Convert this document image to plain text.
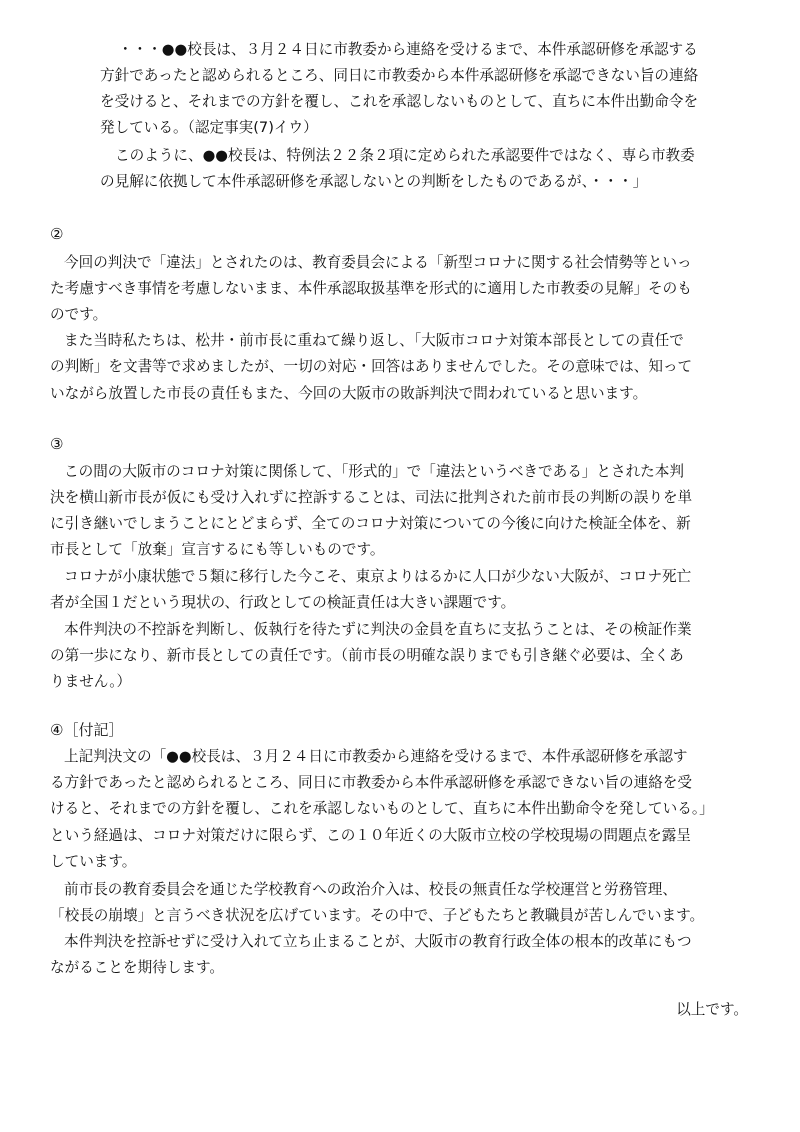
・・・●●校長は、３月２４日に市教委から連絡を受けるまで、本件承認研修を承認する

方針であったと認められるところ、同日に市教委から本件承認研修を承認できない旨の連絡

を受けると、それまでの方針を覆し、これを承認しないものとして、直ちに本件出勤命令を

発している。（認定事実(7)イウ）

このように、●●校長は、特例法２２条２項に定められた承認要件ではなく、専ら市教委

の見解に依拠して本件承認研修を承認しないとの判断をしたものであるが、・・・」

②

今回の判決で「違法」とされたのは、教育委員会による「新型コロナに関する社会情勢等といっ

た考慮すべき事情を考慮しないまま、本件承認取扱基準を形式的に適用した市教委の見解」そのも

のです。

また当時私たちは、松井・前市長に重ねて繰り返し、「大阪市コロナ対策本部長としての責任で

の判断」を文書等で求めましたが、一切の対応・回答はありませんでした。その意味では、知って

いながら放置した市長の責任もまた、今回の大阪市の敗訴判決で問われていると思います。

③

この間の大阪市のコロナ対策に関係して、「形式的」で「違法というべきである」とされた本判

決を横山新市長が仮にも受け入れずに控訴することは、司法に批判された前市長の判断の誤りを単

に引き継いでしまうことにとどまらず、全てのコロナ対策についての今後に向けた検証全体を、新

市長として「放棄」宣言するにも等しいものです。

コロナが小康状態で５類に移行した今こそ、東京よりはるかに人口が少ない大阪が、コロナ死亡

者が全国１だという現状の、行政としての検証責任は大きい課題です。

本件判決の不控訴を判断し、仮執行を待たずに判決の金員を直ちに支払うことは、その検証作業

の第一歩になり、新市長としての責任です。（前市長の明確な誤りまでも引き継ぐ必要は、全くあ

りません。）

④［付記］

上記判決文の「●●校長は、３月２４日に市教委から連絡を受けるまで、本件承認研修を承認す

る方針であったと認められるところ、同日に市教委から本件承認研修を承認できない旨の連絡を受

けると、それまでの方針を覆し、これを承認しないものとして、直ちに本件出勤命令を発している。」

という経過は、コロナ対策だけに限らず、この１０年近くの大阪市立校の学校現場の問題点を露呈

しています。

前市長の教育委員会を通じた学校教育への政治介入は、校長の無責任な学校運営と労務管理、

「校長の崩壊」と言うべき状況を広げています。その中で、子どもたちと教職員が苦しんでいます。

本件判決を控訴せずに受け入れて立ち止まることが、大阪市の教育行政全体の根本的改革にもつ

ながることを期待します。

以上です。
